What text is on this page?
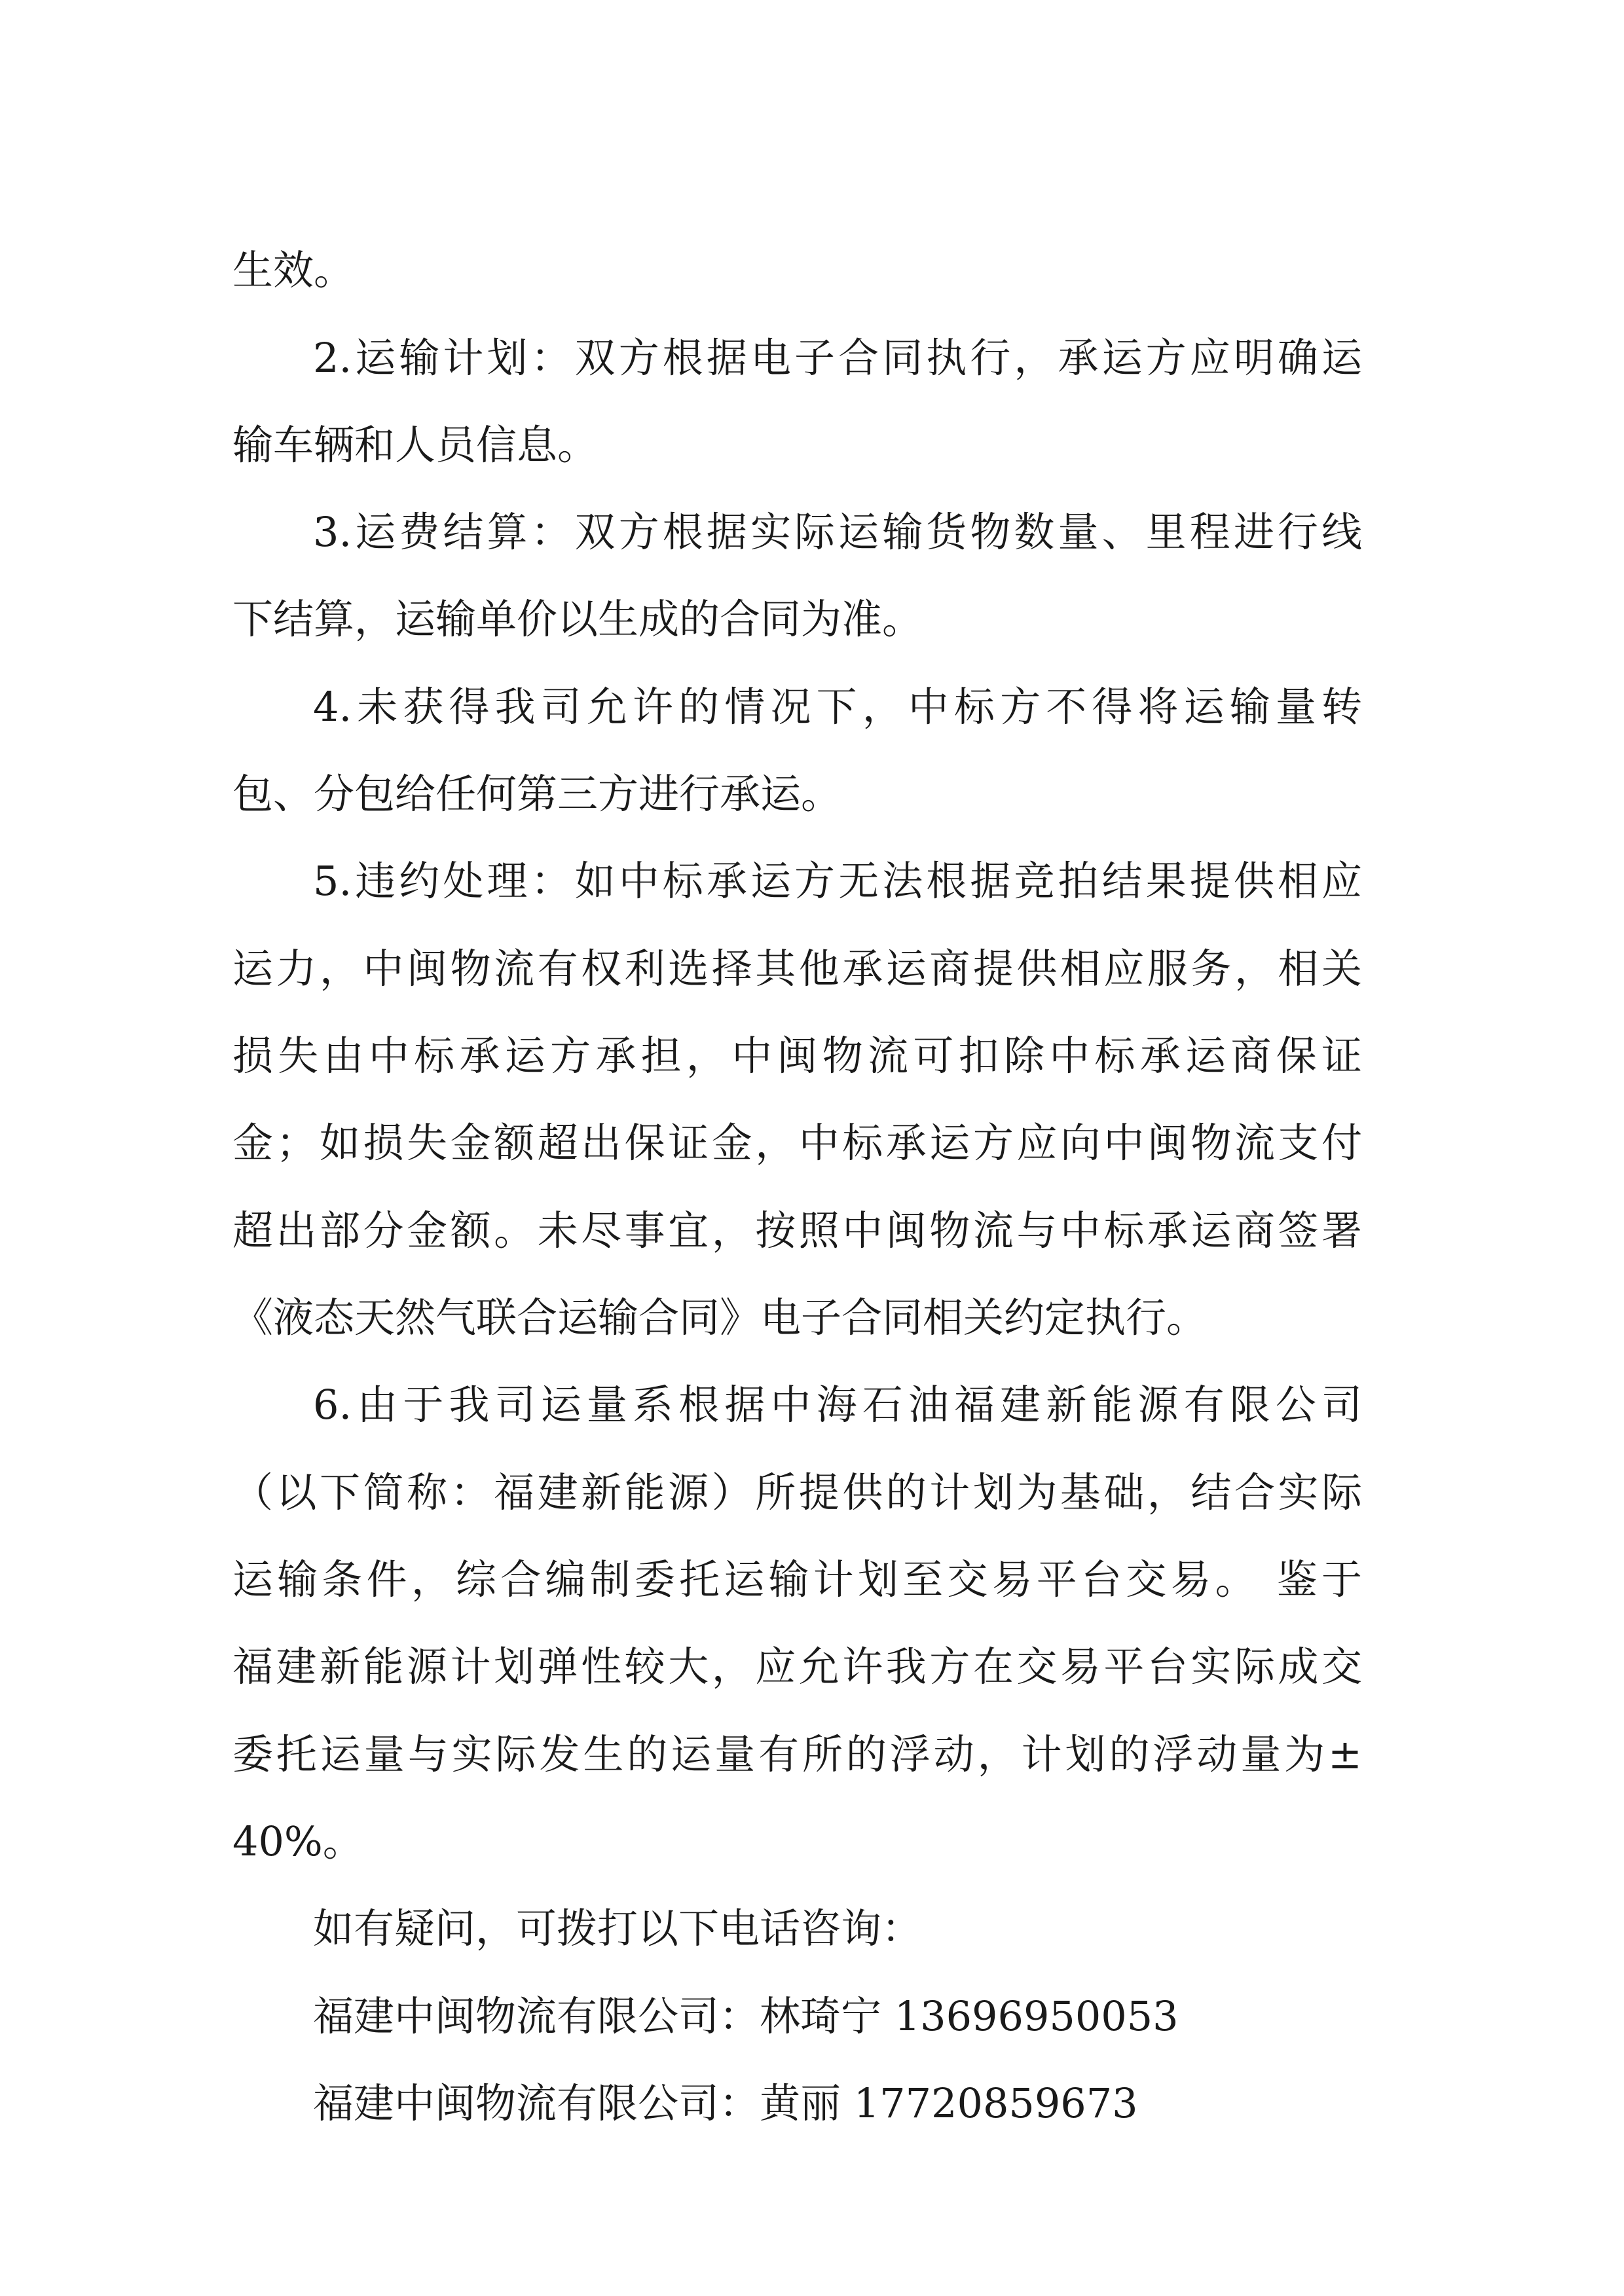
生效。

2.运输计划：双方根据电子合同执行，承运方应明确运

输车辆和人员信息。

3.运费结算：双方根据实际运输货物数量、里程进行线

下结算，运输单价以生成的合同为准。

4.未获得我司允许的情况下，中标方不得将运输量转

包、分包给任何第三方进行承运。

5.违约处理：如中标承运方无法根据竞拍结果提供相应

运力，中闽物流有权利选择其他承运商提供相应服务，相关

损失由中标承运方承担，中闽物流可扣除中标承运商保证

金；如损失金额超出保证金，中标承运方应向中闽物流支付

超出部分金额。未尽事宜，按照中闽物流与中标承运商签署

《液态天然气联合运输合同》电子合同相关约定执行。

6.由于我司运量系根据中海石油福建新能源有限公司

（以下简称：福建新能源）所提供的计划为基础，结合实际

运输条件，综合编制委托运输计划至交易平台交易。 鉴于

福建新能源计划弹性较大，应允许我方在交易平台实际成交

委托运量与实际发生的运量有所的浮动，计划的浮动量为±

40%。

如有疑问，可拨打以下电话咨询：

福建中闽物流有限公司：林琦宁 13696950053

福建中闽物流有限公司：黄丽 17720859673
